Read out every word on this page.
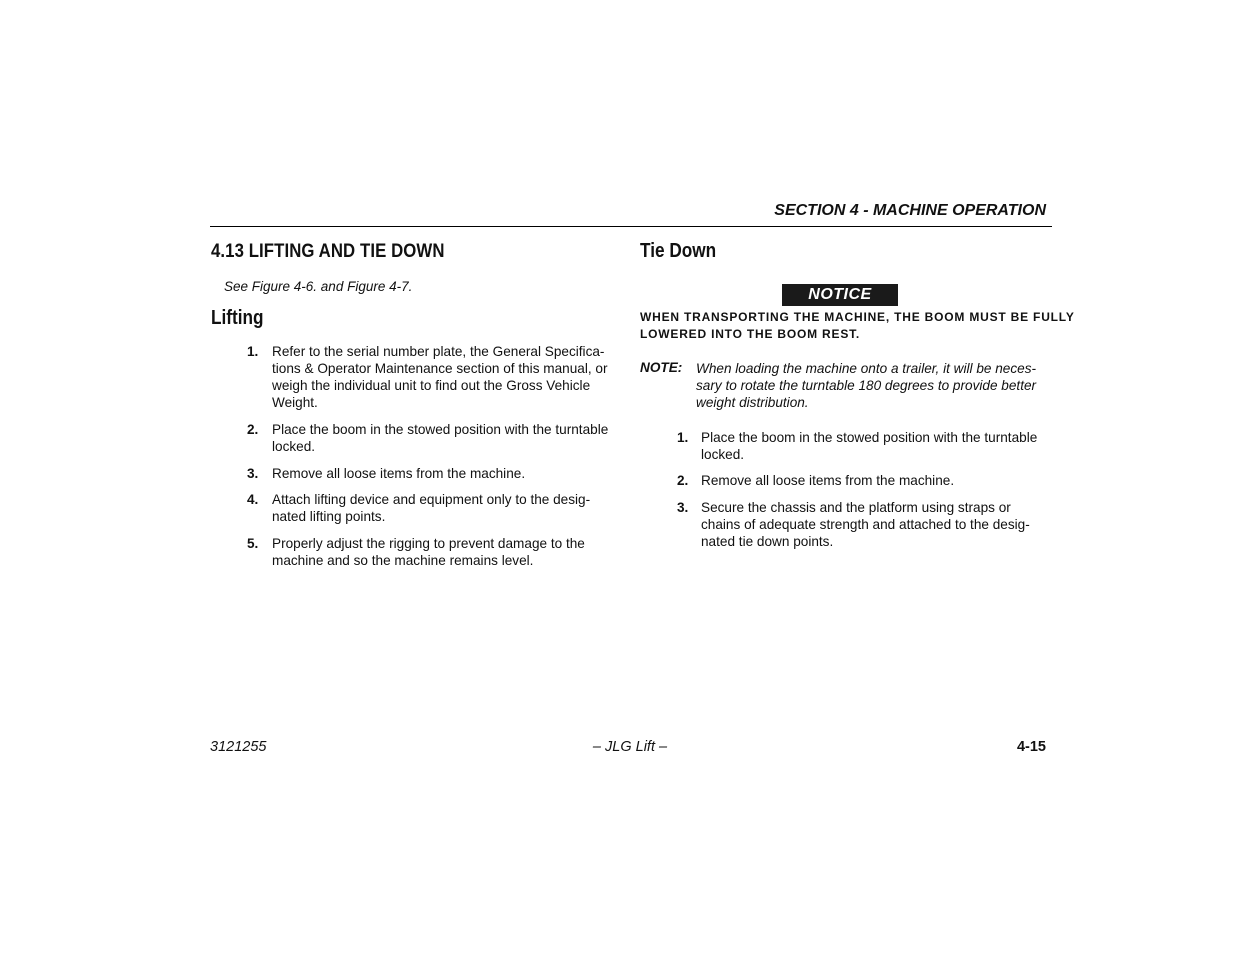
SECTION 4 - MACHINE OPERATION
4.13 LIFTING AND TIE DOWN
See Figure 4-6. and Figure 4-7.
Lifting
1. Refer to the serial number plate, the General Specifica-
tions & Operator Maintenance section of this manual, or
weigh the individual unit to find out the Gross Vehicle
Weight.
2. Place the boom in the stowed position with the turntable
locked.
3. Remove all loose items from the machine.
4. Attach lifting device and equipment only to the desig-
nated lifting points.
5. Properly adjust the rigging to prevent damage to the
machine and so the machine remains level.
Tie Down
NOTICE
WHEN TRANSPORTING THE MACHINE, THE BOOM MUST BE FULLY
LOWERED INTO THE BOOM REST.
NOTE: When loading the machine onto a trailer, it will be neces-
sary to rotate the turntable 180 degrees to provide better
weight distribution.
1. Place the boom in the stowed position with the turntable
locked.
2. Remove all loose items from the machine.
3. Secure the chassis and the platform using straps or
chains of adequate strength and attached to the desig-
nated tie down points.
3121255	– JLG Lift –	4-15
